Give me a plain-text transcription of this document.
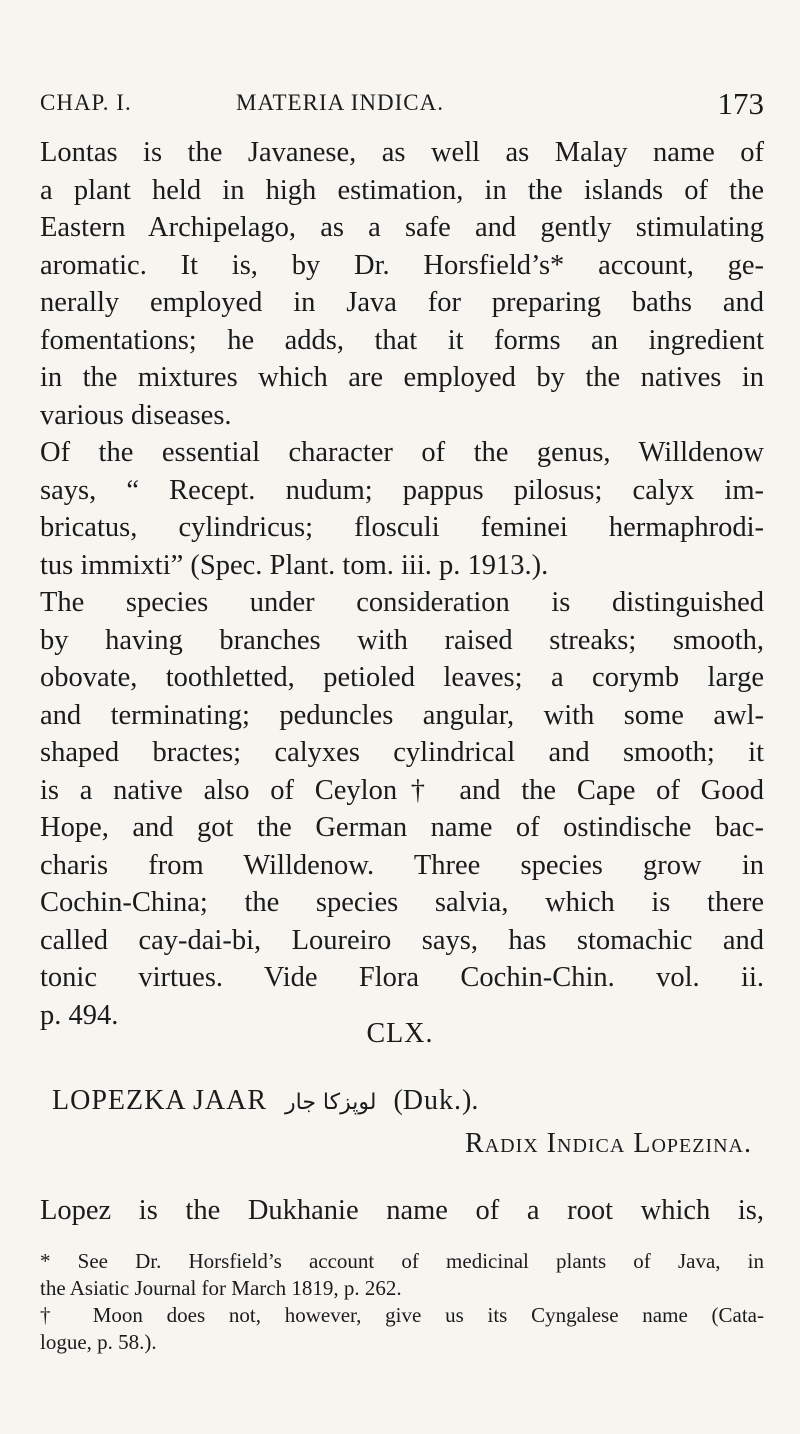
CHAP. I.	MATERIA INDICA.	173
Lontas is the Javanese, as well as Malay name of
a plant held in high estimation, in the islands of the
Eastern Archipelago, as a safe and gently stimulating
aromatic. It is, by Dr. Horsfield’s* account, ge-
nerally employed in Java for preparing baths and
fomentations; he adds, that it forms an ingredient
in the mixtures which are employed by the natives in
various diseases.
Of the essential character of the genus, Willdenow
says, “ Recept. nudum; pappus pilosus; calyx im-
bricatus, cylindricus; flosculi feminei hermaphrodi-
tus immixti” (Spec. Plant. tom. iii. p. 1913.).
The species under consideration is distinguished
by having branches with raised streaks; smooth,
obovate, toothletted, petioled leaves; a corymb large
and terminating; peduncles angular, with some awl-
shaped bractes; calyxes cylindrical and smooth; it
is a native also of Ceylon† and the Cape of Good
Hope, and got the German name of ostindische bac-
charis from Willdenow. Three species grow in
Cochin-China; the species salvia, which is there
called cay-dai-bi, Loureiro says, has stomachic and
tonic virtues. Vide Flora Cochin-Chin. vol. ii.
p. 494.
CLX.
LOPEZKA JAAR لوپزكا جار (Duk.).
Radix Indica Lopezina.
Lopez is the Dukhanie name of a root which is,
* See Dr. Horsfield’s account of medicinal plants of Java, in
the Asiatic Journal for March 1819, p. 262.
† Moon does not, however, give us its Cyngalese name (Cata-
logue, p. 58.).
